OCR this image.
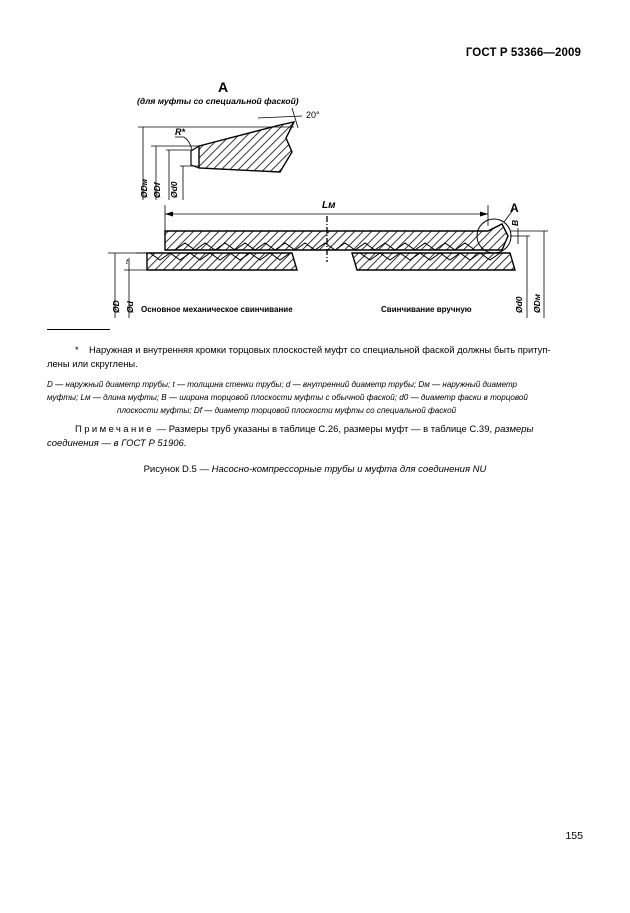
ГОСТ Р 53366—2009
A
(для муфты со специальной фаской)
20°
R*
ØDм ØDf Ød0
Lм	A
B
Ød0 ØDм
t
ØD Ød Основное механическое свинчивание	Свинчивание вручную
* Наружная и внутренняя кромки торцовых плоскостей муфт со специальной фаской должны быть притуп-
лены или скруглены.
D — наружный диаметр трубы; t — толщина стенки трубы; d — внутренний диаметр трубы; Dм — наружный диаметр
муфты; Lм — длина муфты; B — ширина торцовой плоскости муфты с обычной фаской; d0 — диаметр фаски в торцовой
плоскости муфты; Df — диаметр торцовой плоскости муфты со специальной фаской
Примечание — Размеры труб указаны в таблице С.26, размеры муфт — в таблице С.39, размеры
соединения — в ГОСТ Р 51906.
Рисунок D.5 — Насосно-компрессорные трубы и муфта для соединения NU
155
